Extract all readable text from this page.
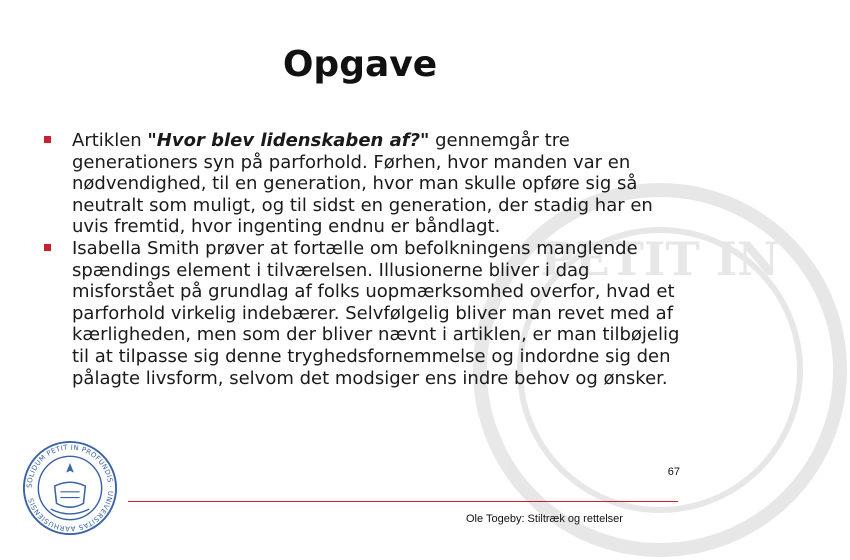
PETIT IN
Opgave

Artiklen "Hvor blev lidenskaben af?" gennemgår tre generationers syn på parforhold. Førhen, hvor manden var en nødvendighed, til en generation, hvor man skulle opføre sig så neutralt som muligt, og til sidst en generation, der stadig har en uvis fremtid, hvor ingenting endnu er båndlagt.

Isabella Smith prøver at fortælle om befolkningens manglende spændings element i tilværelsen. Illusionerne bliver i dag misforstået på grundlag af folks uopmærksomhed overfor, hvad et parforhold virkelig indebærer. Selvfølgelig bliver man revet med af kærligheden, men som der bliver nævnt i artiklen, er man tilbøjelig til at tilpasse sig denne tryghedsfornemmelse og indordne sig den pålagte livsform, selvom det modsiger ens indre behov og ønsker.

SOLIDUM PETIT IN PROFUNDIS · UNIVERSITAS AARHUSIENSIS
67
Ole Togeby: Stiltræk og rettelser
